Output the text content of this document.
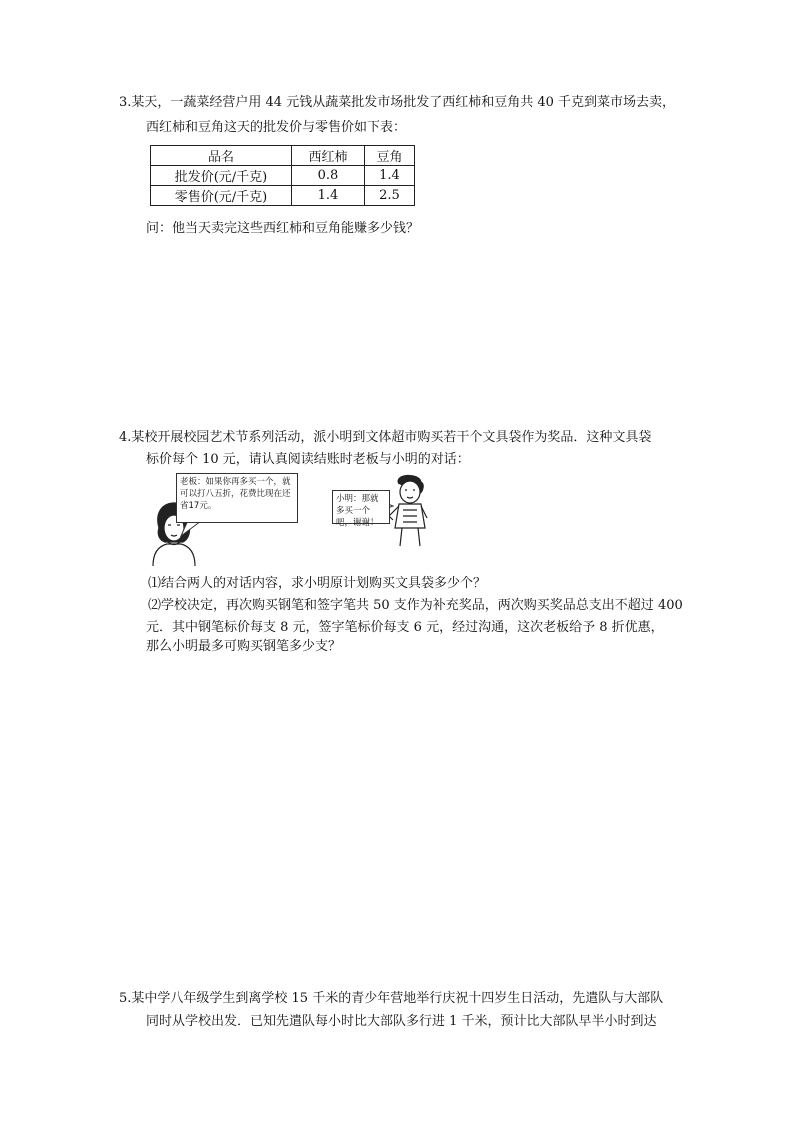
3.某天，一蔬菜经营户用 44 元钱从蔬菜批发市场批发了西红柿和豆角共 40 千克到菜市场去卖，
西红柿和豆角这天的批发价与零售价如下表：
品名	西红柿	豆角
批发价(元/千克)	0.8	1.4
零售价(元/千克)	1.4	2.5
问：他当天卖完这些西红柿和豆角能赚多少钱？
4.某校开展校园艺术节系列活动，派小明到文体超市购买若干个文具袋作为奖品．这种文具袋
标价每个 10 元，请认真阅读结账时老板与小明的对话：
老板：如果你再多买一个，就可以打八五折，花费比现在还省17元。
小明：那就多买一个吧，谢谢！
⑴结合两人的对话内容，求小明原计划购买文具袋多少个？
⑵学校决定，再次购买钢笔和签字笔共 50 支作为补充奖品，两次购买奖品总支出不超过 400
元．其中钢笔标价每支 8 元，签字笔标价每支 6 元，经过沟通，这次老板给予 8 折优惠，
那么小明最多可购买钢笔多少支？
5.某中学八年级学生到离学校 15 千米的青少年营地举行庆祝十四岁生日活动，先遣队与大部队
同时从学校出发．已知先遣队每小时比大部队多行进 1 千米，预计比大部队早半小时到达
